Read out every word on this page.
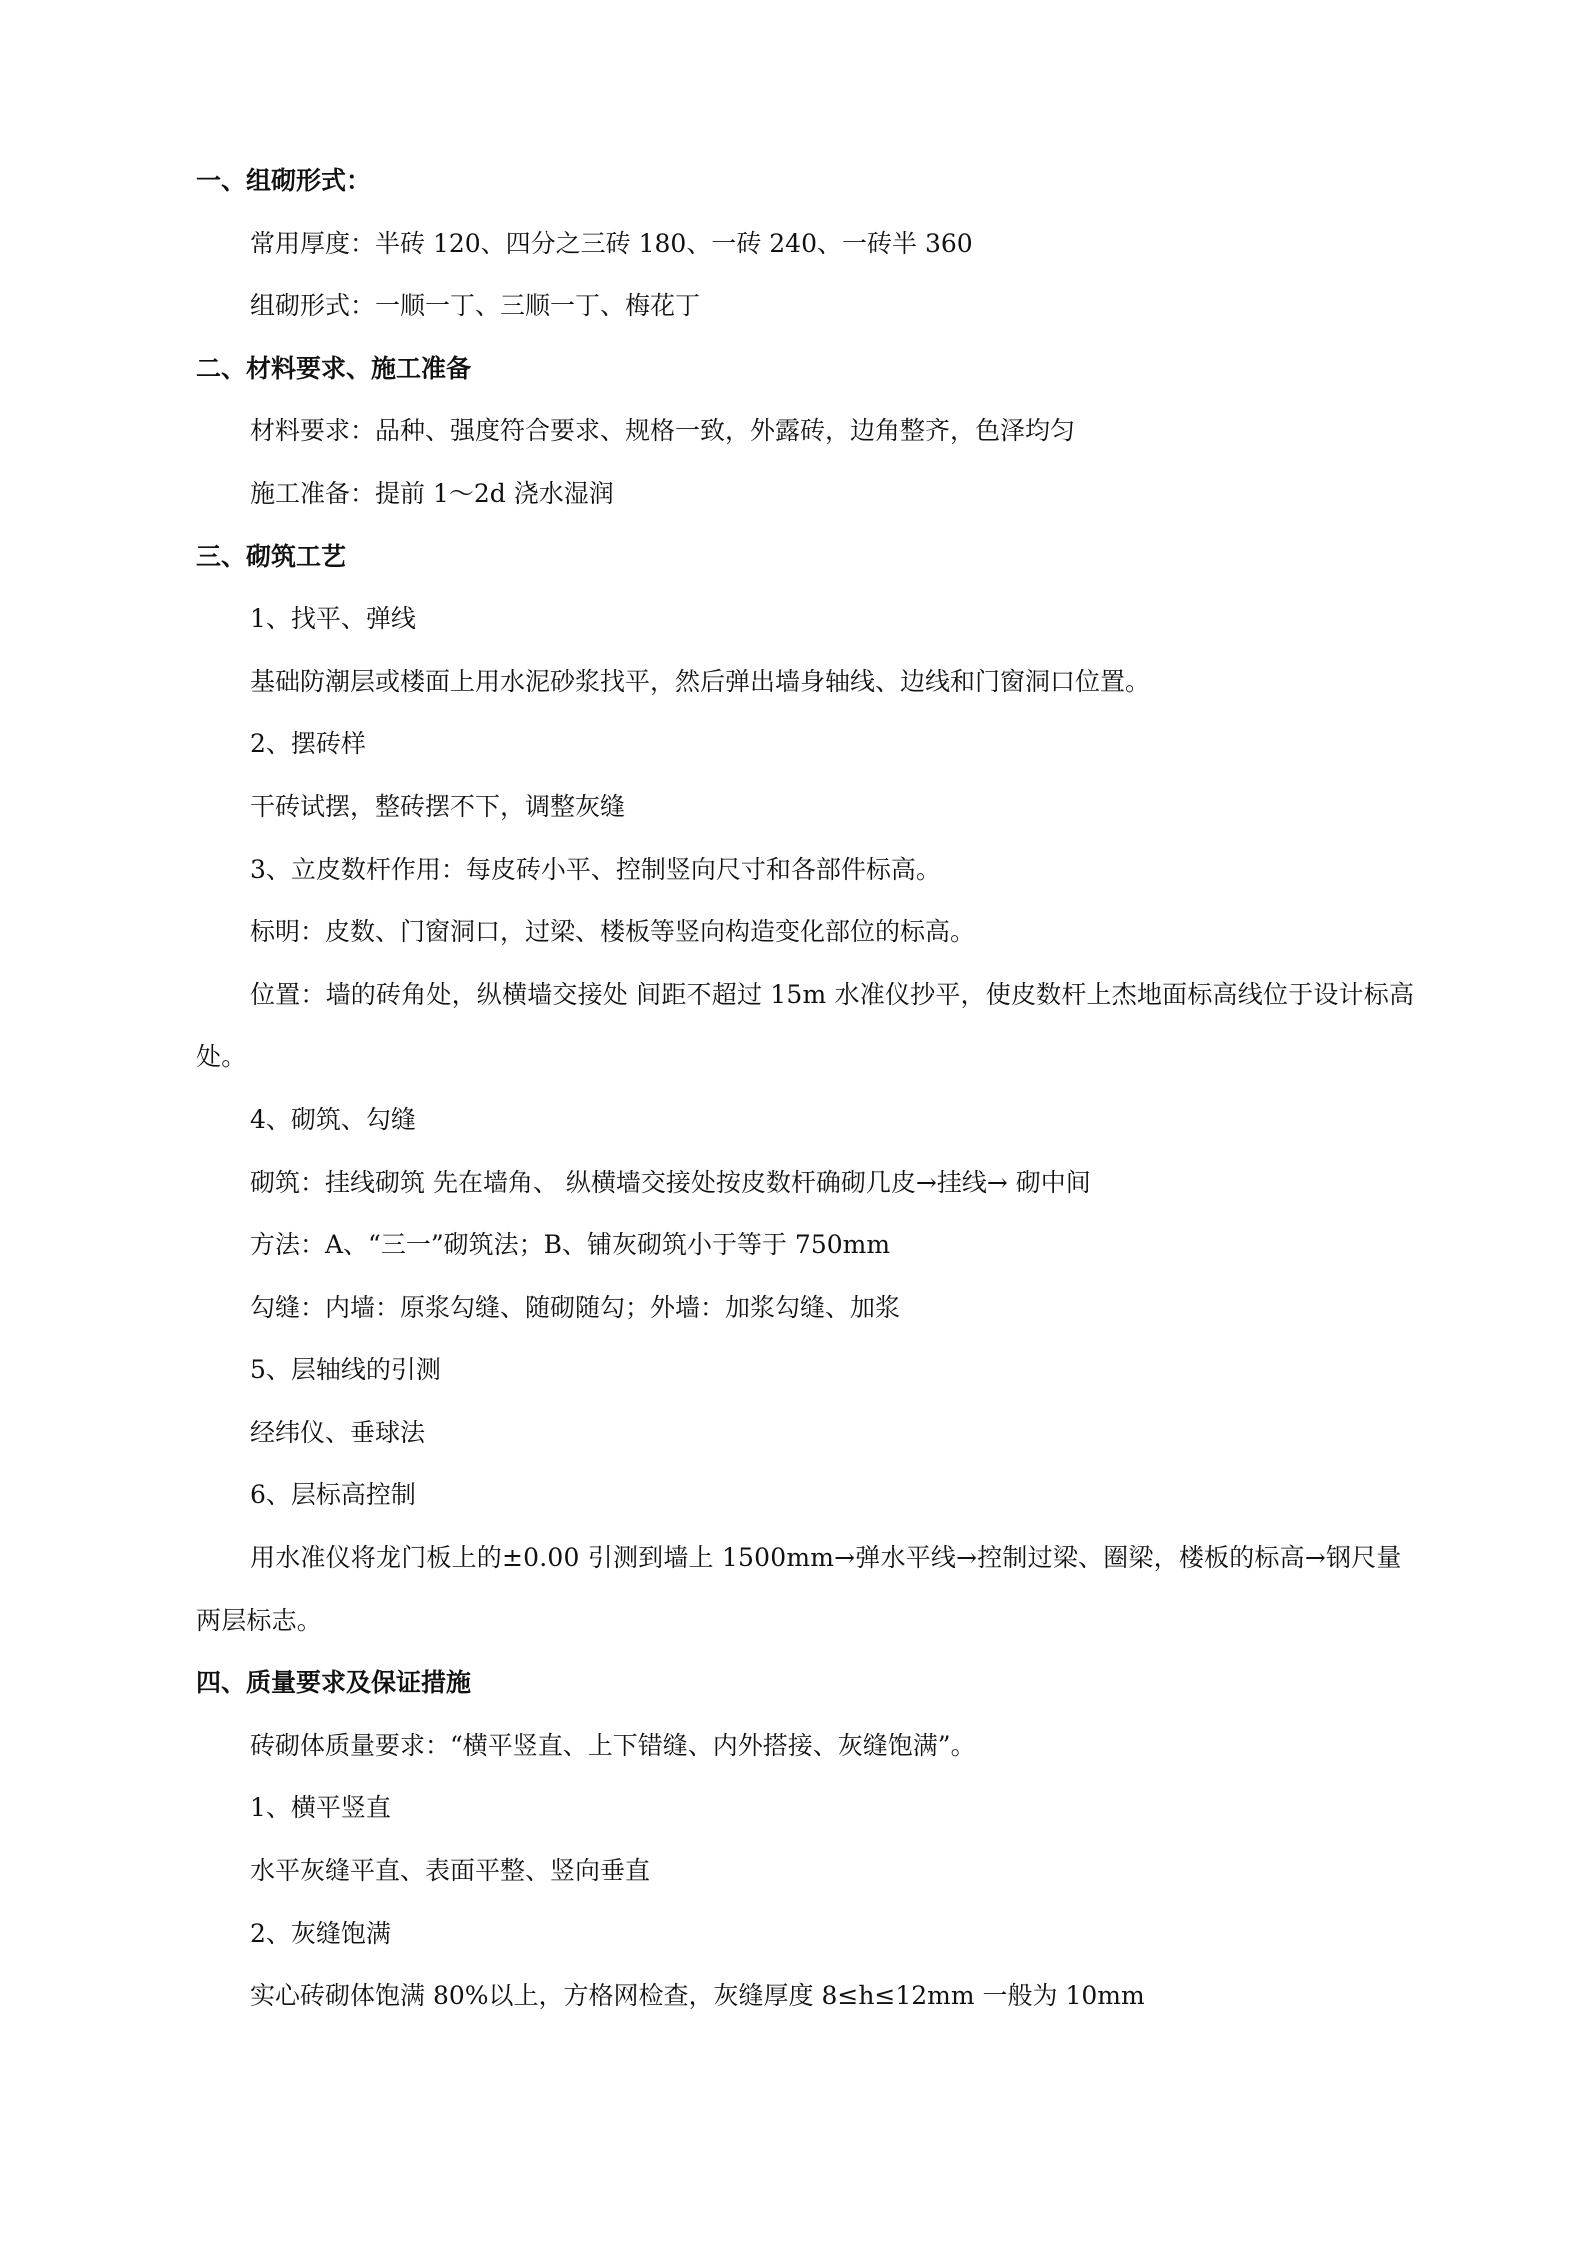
一、组砌形式：

常用厚度：半砖 120、四分之三砖 180、一砖 240、一砖半 360

组砌形式：一顺一丁、三顺一丁、梅花丁

二、材料要求、施工准备

材料要求：品种、强度符合要求、规格一致，外露砖，边角整齐，色泽均匀

施工准备：提前 1～2d 浇水湿润

三、砌筑工艺

1、找平、弹线

基础防潮层或楼面上用水泥砂浆找平，然后弹出墙身轴线、边线和门窗洞口位置。

2、摆砖样

干砖试摆，整砖摆不下，调整灰缝

3、立皮数杆作用：每皮砖小平、控制竖向尺寸和各部件标高。

标明：皮数、门窗洞口，过梁、楼板等竖向构造变化部位的标高。

位置：墙的砖角处，纵横墙交接处 间距不超过 15m 水准仪抄平，使皮数杆上杰地面标高线位于设计标高处。

4、砌筑、勾缝

砌筑：挂线砌筑 先在墙角、 纵横墙交接处按皮数杆确砌几皮→挂线→ 砌中间

方法：A、“三一”砌筑法；B、铺灰砌筑小于等于 750mm

勾缝：内墙：原浆勾缝、随砌随勾；外墙：加浆勾缝、加浆

5、层轴线的引测

经纬仪、垂球法

6、层标高控制

用水准仪将龙门板上的±0.00 引测到墙上 1500mm→弹水平线→控制过梁、圈梁，楼板的标高→钢尺量两层标志。

四、质量要求及保证措施

砖砌体质量要求：“横平竖直、上下错缝、内外搭接、灰缝饱满”。

1、横平竖直

水平灰缝平直、表面平整、竖向垂直

2、灰缝饱满

实心砖砌体饱满 80%以上，方格网检查，灰缝厚度 8≤h≤12mm 一般为 10mm
